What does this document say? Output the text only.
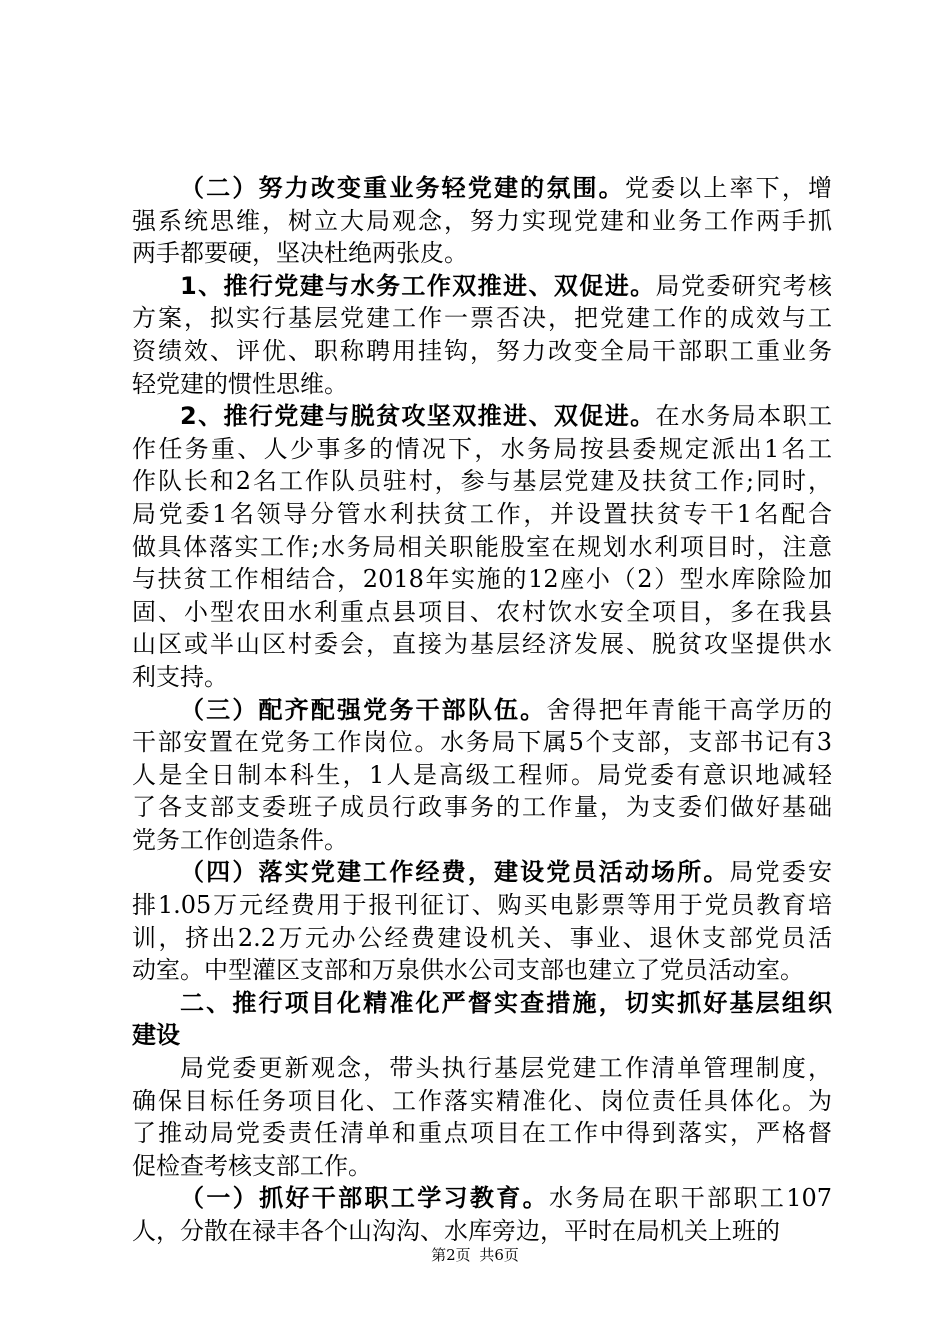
（二）努力改变重业务轻党建的氛围。党委以上率下，增
强系统思维，树立大局观念，努力实现党建和业务工作两手抓
两手都要硬，坚决杜绝两张皮。
1、推行党建与水务工作双推进、双促进。局党委研究考核
方案，拟实行基层党建工作一票否决，把党建工作的成效与工
资绩效、评优、职称聘用挂钩，努力改变全局干部职工重业务
轻党建的惯性思维。
2、推行党建与脱贫攻坚双推进、双促进。在水务局本职工
作任务重、人少事多的情况下，水务局按县委规定派出1名工
作队长和2名工作队员驻村，参与基层党建及扶贫工作;同时，
局党委1名领导分管水利扶贫工作，并设置扶贫专干1名配合
做具体落实工作;水务局相关职能股室在规划水利项目时，注意
与扶贫工作相结合，2018年实施的12座小（2）型水库除险加
固、小型农田水利重点县项目、农村饮水安全项目，多在我县
山区或半山区村委会，直接为基层经济发展、脱贫攻坚提供水
利支持。
（三）配齐配强党务干部队伍。舍得把年青能干高学历的
干部安置在党务工作岗位。水务局下属5个支部，支部书记有3
人是全日制本科生，1人是高级工程师。局党委有意识地减轻
了各支部支委班子成员行政事务的工作量，为支委们做好基础
党务工作创造条件。
（四）落实党建工作经费，建设党员活动场所。局党委安
排1.05万元经费用于报刊征订、购买电影票等用于党员教育培
训，挤出2.2万元办公经费建设机关、事业、退休支部党员活
动室。中型灌区支部和万泉供水公司支部也建立了党员活动室。
二、推行项目化精准化严督实查措施，切实抓好基层组织
建设
局党委更新观念，带头执行基层党建工作清单管理制度，
确保目标任务项目化、工作落实精准化、岗位责任具体化。为
了推动局党委责任清单和重点项目在工作中得到落实，严格督
促检查考核支部工作。
（一）抓好干部职工学习教育。水务局在职干部职工107
人，分散在禄丰各个山沟沟、水库旁边，平时在局机关上班的
第2页 共6页
